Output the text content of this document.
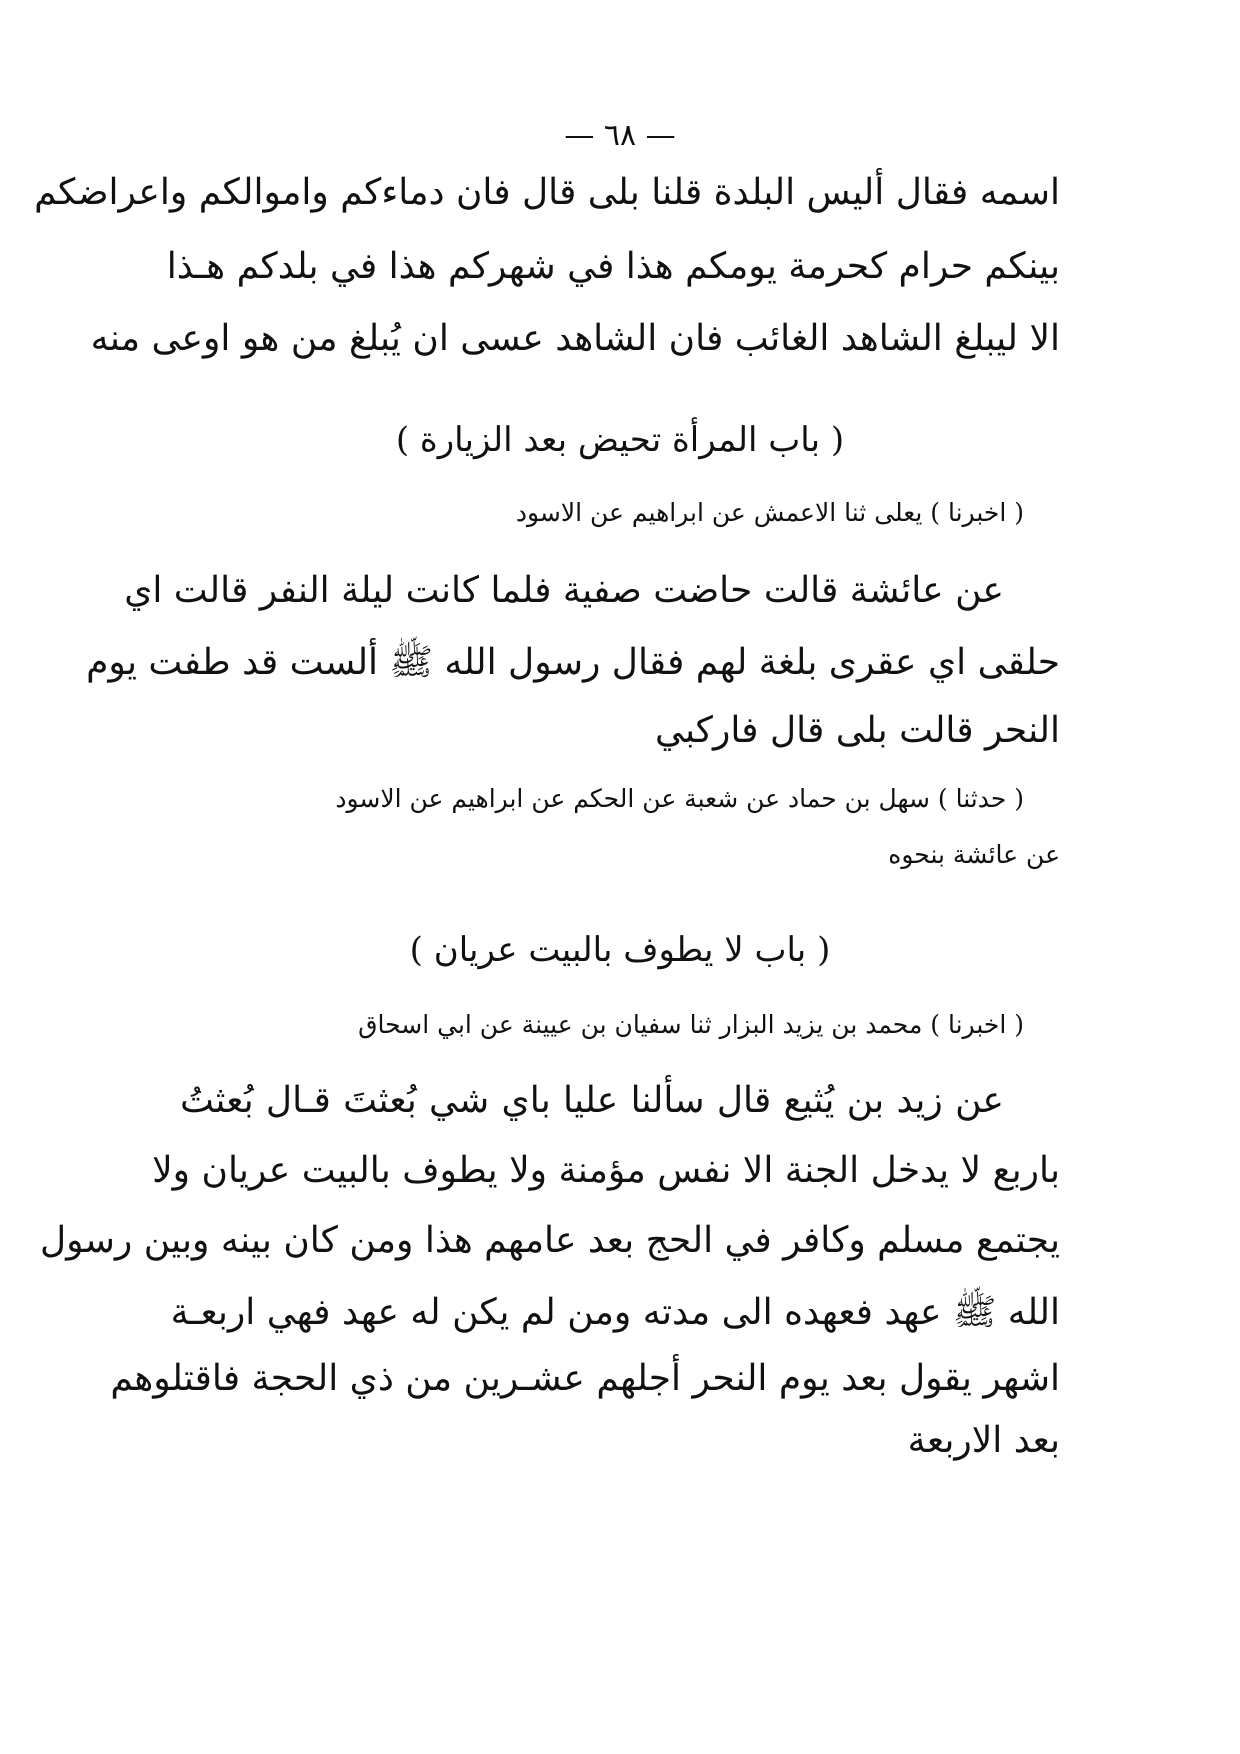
— ٦٨ —
اسمه فقال أليس البلدة قلنا بلى قال فان دماءكم واموالكم واعراضكم
بينكم حرام كحرمة يومكم هذا في شهركم هذا في بلدكم هـذا
الا ليبلغ الشاهد الغائب فان الشاهد عسى ان يُبلغ من هو اوعى منه
( باب المرأة تحيض بعد الزيارة )
( اخبرنا ) يعلى ثنا الاعمش عن ابراهيم عن الاسود
عن عائشة قالت حاضت صفية فلما كانت ليلة النفر قالت اي
حلقى اي عقرى بلغة لهم فقال رسول الله ﷺ ألست قد طفت يوم
النحر قالت بلى قال فاركبي
( حدثنا ) سهل بن حماد عن شعبة عن الحكم عن ابراهيم عن الاسود
عن عائشة بنحوه
( باب لا يطوف بالبيت عريان )
( اخبرنا ) محمد بن يزيد البزار ثنا سفيان بن عيينة عن ابي اسحاق
عن زيد بن يُثيع قال سألنا عليا باي شي بُعثتَ قـال بُعثتُ
باربع لا يدخل الجنة الا نفس مؤمنة ولا يطوف بالبيت عريان ولا
يجتمع مسلم وكافر في الحج بعد عامهم هذا ومن كان بينه وبين رسول
الله ﷺ عهد فعهده الى مدته ومن لم يكن له عهد فهي اربعـة
اشهر يقول بعد يوم النحر أجلهم عشـرين من ذي الحجة فاقتلوهم
بعد الاربعة
